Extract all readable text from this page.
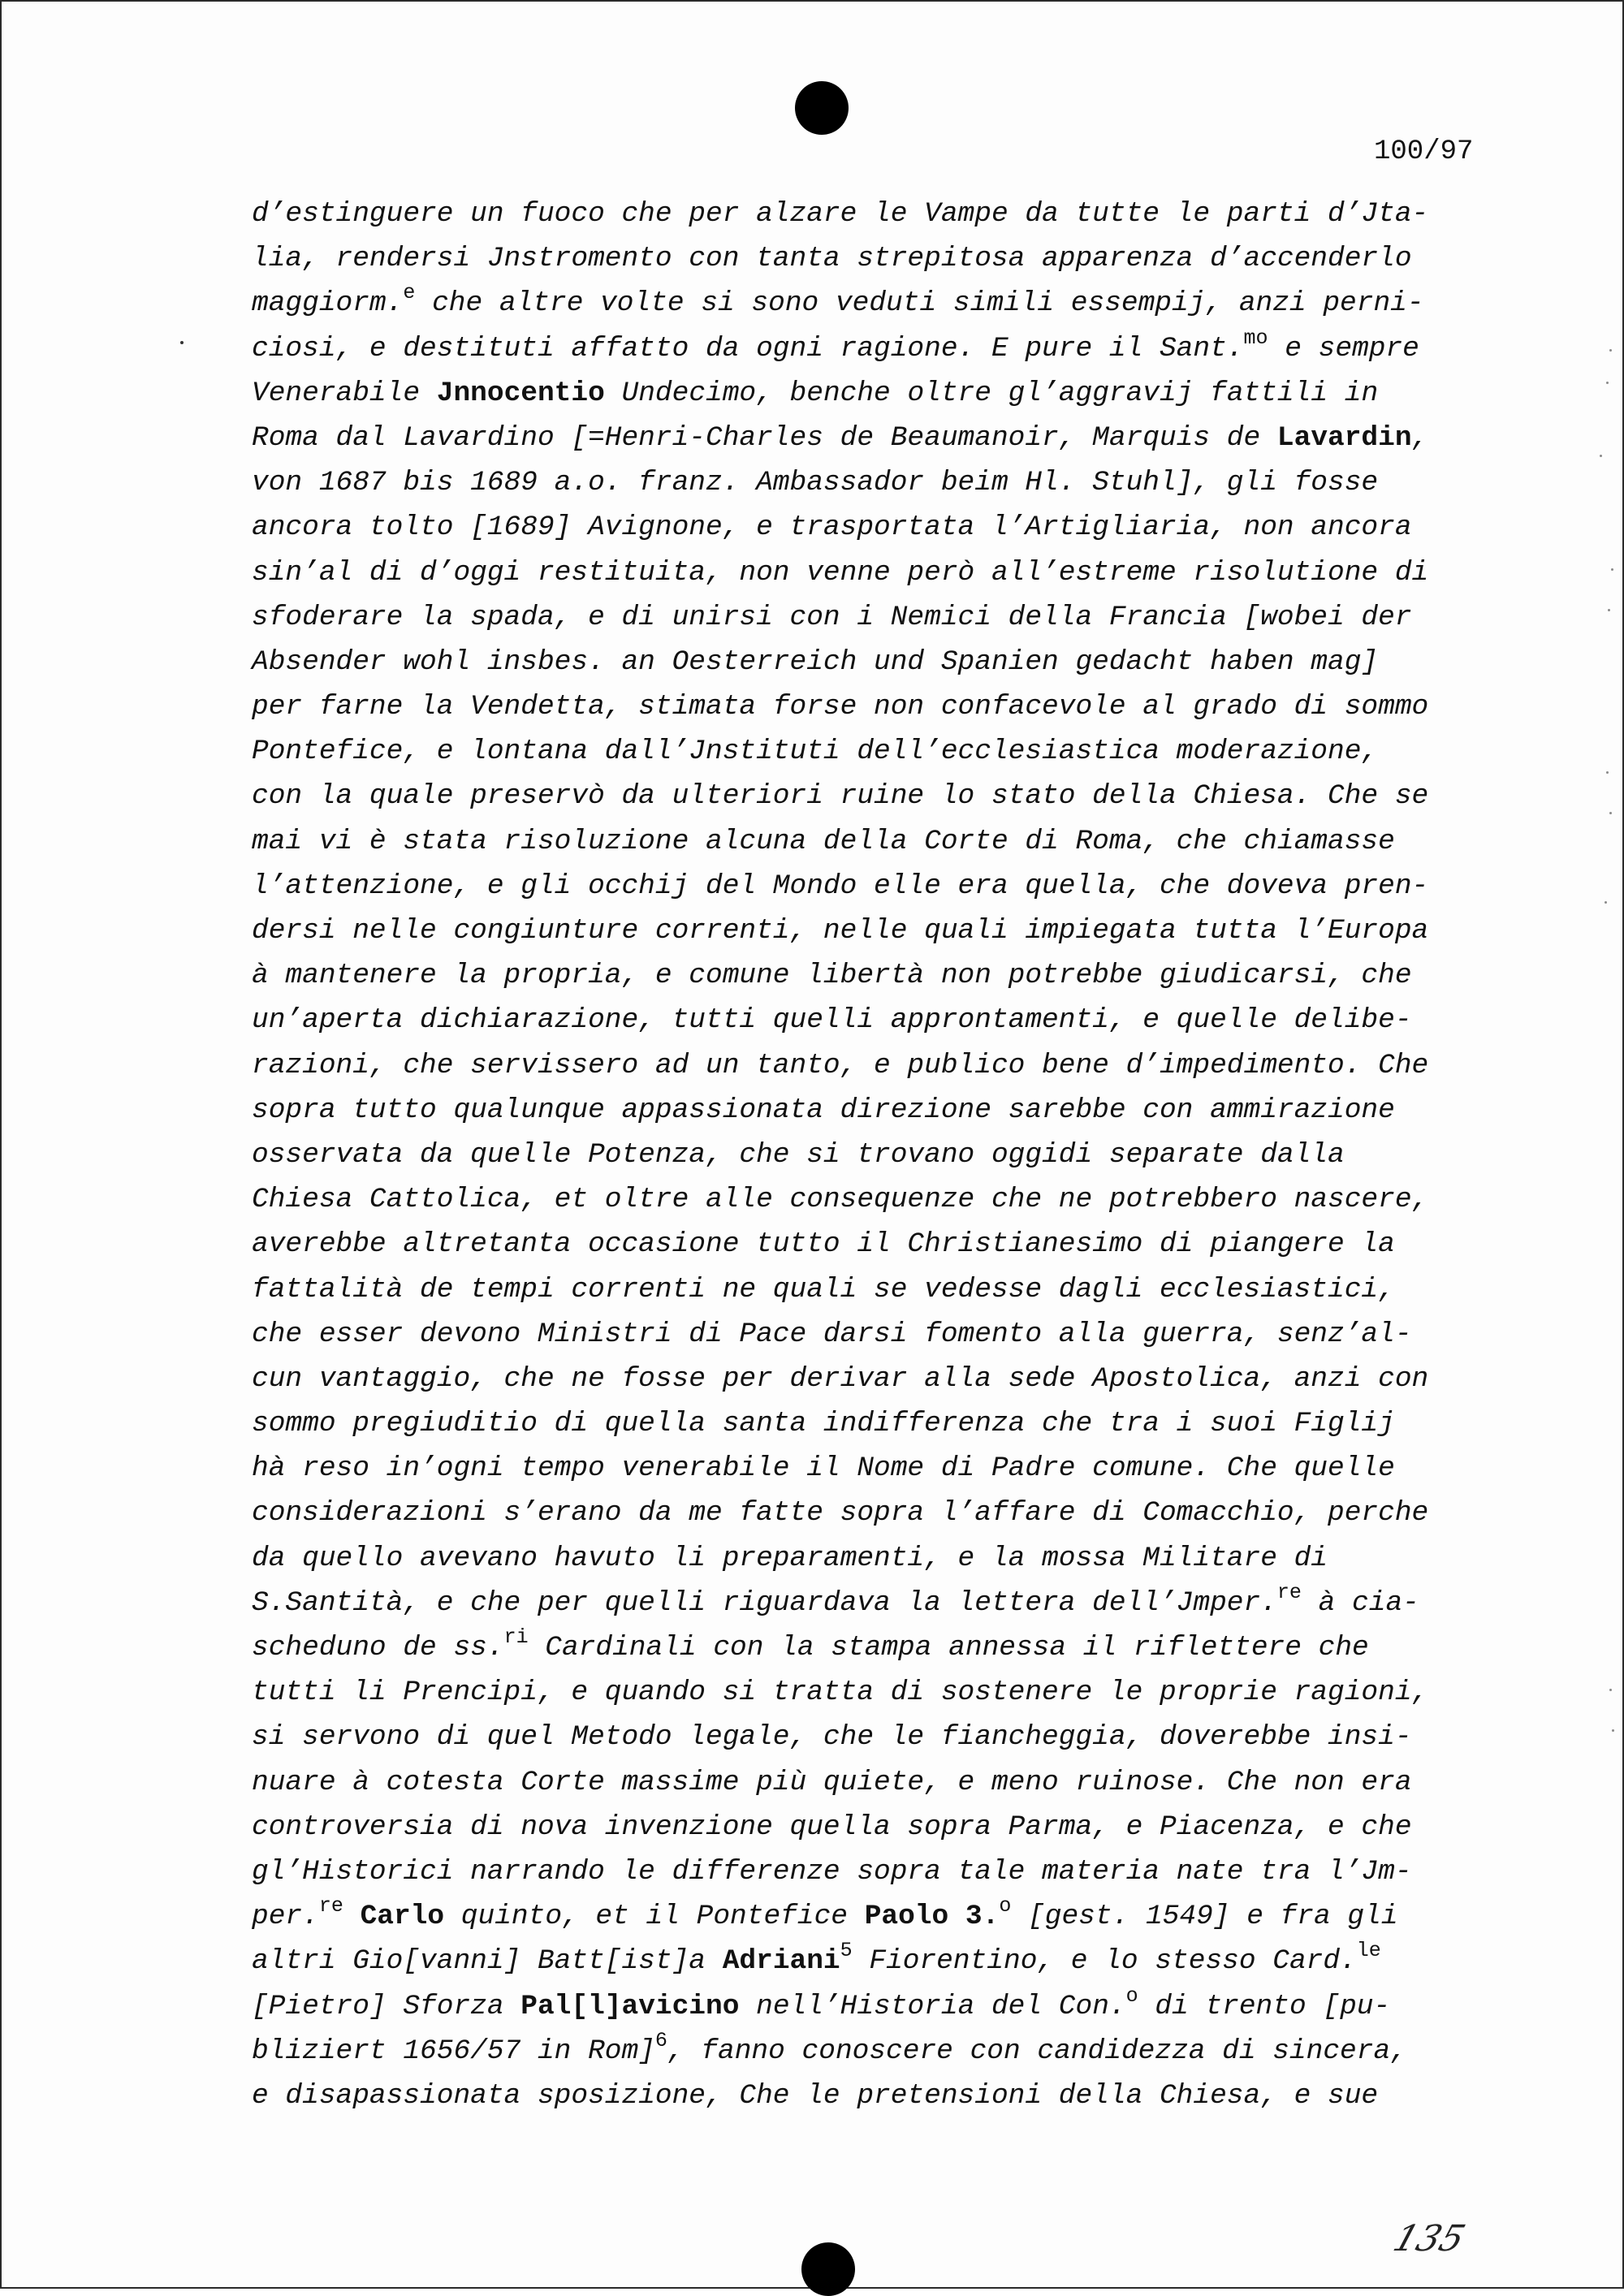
100/97
d’estinguere un fuoco che per alzare le Vampe da tutte le parti d’Jta-
lia, rendersi Jnstromento con tanta strepitosa apparenza d’accenderlo
maggiorm.$^e$ che altre volte si sono veduti simili essempij, anzi perni-
ciosi, e destituti affatto da ogni ragione. E pure il Sant.$^{mo}$ e sempre
Venerabile Jnnocentio Undecimo, benche oltre gl’aggravij fattili in
Roma dal Lavardino [=Henri-Charles de Beaumanoir, Marquis de Lavardin,
von 1687 bis 1689 a.o. franz. Ambassador beim Hl. Stuhl], gli fosse
ancora tolto [1689] Avignone, e trasportata l’Artigliaria, non ancora
sin’al di d’oggi restituita, non venne però all’estreme risolutione di
sfoderare la spada, e di unirsi con i Nemici della Francia [wobei der
Absender wohl insbes. an Oesterreich und Spanien gedacht haben mag]
per farne la Vendetta, stimata forse non confacevole al grado di sommo
Pontefice, e lontana dall’Jnstituti dell’ecclesiastica moderazione,
con la quale preservò da ulteriori ruine lo stato della Chiesa. Che se
mai vi è stata risoluzione alcuna della Corte di Roma, che chiamasse
l’attenzione, e gli occhij del Mondo elle era quella, che doveva pren-
dersi nelle congiunture correnti, nelle quali impiegata tutta l’Europa
à mantenere la propria, e comune libertà non potrebbe giudicarsi, che
un’aperta dichiarazione, tutti quelli approntamenti, e quelle delibe-
razioni, che servissero ad un tanto, e publico bene d’impedimento. Che
sopra tutto qualunque appassionata direzione sarebbe con ammirazione
osservata da quelle Potenza, che si trovano oggidi separate dalla
Chiesa Cattolica, et oltre alle consequenze che ne potrebbero nascere,
averebbe altretanta occasione tutto il Christianesimo di piangere la
fattalità de tempi correnti ne quali se vedesse dagli ecclesiastici,
che esser devono Ministri di Pace darsi fomento alla guerra, senz’al-
cun vantaggio, che ne fosse per derivar alla sede Apostolica, anzi con
sommo pregiuditio di quella santa indifferenza che tra i suoi Figlij
hà reso in’ogni tempo venerabile il Nome di Padre comune. Che quelle
considerazioni s’erano da me fatte sopra l’affare di Comacchio, perche
da quello avevano havuto li preparamenti, e la mossa Militare di
S.Santità, e che per quelli riguardava la lettera dell’Jmper.$^{re}$ à cia-
scheduno de ss.$^{ri}$ Cardinali con la stampa annessa il riflettere che
tutti li Prencipi, e quando si tratta di sostenere le proprie ragioni,
si servono di quel Metodo legale, che le fiancheggia, doverebbe insi-
nuare à cotesta Corte massime più quiete, e meno ruinose. Che non era
controversia di nova invenzione quella sopra Parma, e Piacenza, e che
gl’Historici narrando le differenze sopra tale materia nate tra l’Jm-
per.$^{re}$ Carlo quinto, et il Pontefice Paolo 3.$^o$ [gest. 1549] e fra gli
altri Gio[vanni] Batt[ist]a Adriani$^5$ Fiorentino, e lo stesso Card.$^{le}$
[Pietro] Sforza Pal[l]avicino nell’Historia del Con.$^o$ di trento [pu-
bliziert 1656/57 in Rom]$^6$, fanno conoscere con candidezza di sincera,
e disapassionata sposizione, Che le pretensioni della Chiesa, e sue
135
